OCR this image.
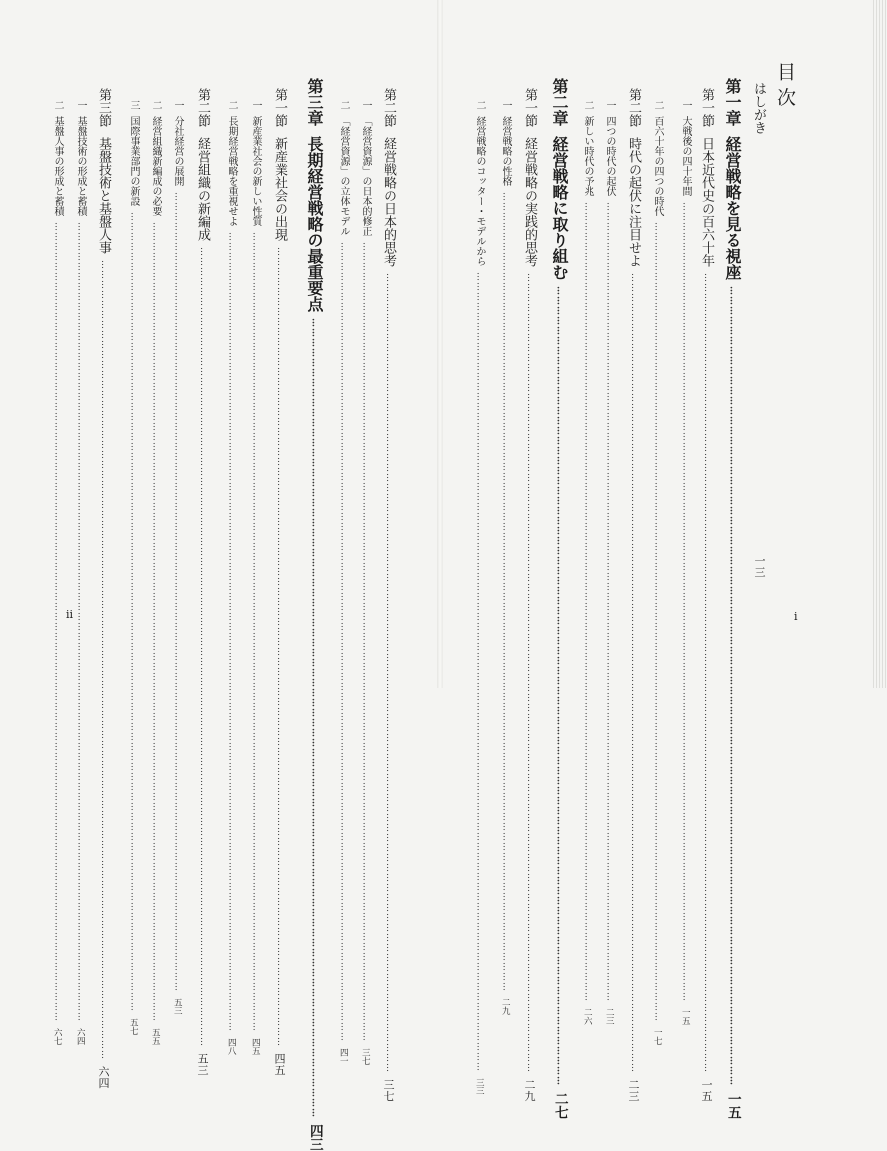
目 次
はしがき
一三
第一章
経営戦略を見る視座
……………………………………………………………………………………………………………………………………………………………………………………………………………………
一五
第一節
日本近代史の百六十年
……………………………………………………………………………………………………………………………………………………………………………………………………………………
一五
一
大戦後の四十年間
……………………………………………………………………………………………………………………………………………………………………………………………………………………
一五
二
百六十年の四つの時代
……………………………………………………………………………………………………………………………………………………………………………………………………………………
一七
第二節
時代の起伏に注目せよ
……………………………………………………………………………………………………………………………………………………………………………………………………………………
二三
一
四つの時代の起伏
……………………………………………………………………………………………………………………………………………………………………………………………………………………
二三
二
新しい時代の予兆
……………………………………………………………………………………………………………………………………………………………………………………………………………………
二六
第二章
経営戦略に取り組む
……………………………………………………………………………………………………………………………………………………………………………………………………………………
二七
第一節
経営戦略の実践的思考
……………………………………………………………………………………………………………………………………………………………………………………………………………………
二九
一
経営戦略の性格
……………………………………………………………………………………………………………………………………………………………………………………………………………………
二九
二
経営戦略のコッター・モデルから
……………………………………………………………………………………………………………………………………………………………………………………………………………………
三三
第二節
経営戦略の日本的思考
……………………………………………………………………………………………………………………………………………………………………………………………………………………
三七
一
「経営資源」の日本的修正
……………………………………………………………………………………………………………………………………………………………………………………………………………………
三七
二
「経営資源」の立体モデル
……………………………………………………………………………………………………………………………………………………………………………………………………………………
四一
第三章
長期経営戦略の最重要点
……………………………………………………………………………………………………………………………………………………………………………………………………………………
四三
第一節
新産業社会の出現
……………………………………………………………………………………………………………………………………………………………………………………………………………………
四五
一
新産業社会の新しい性質
……………………………………………………………………………………………………………………………………………………………………………………………………………………
四五
二
長期経営戦略を重視せよ
……………………………………………………………………………………………………………………………………………………………………………………………………………………
四八
第二節
経営組織の新編成
……………………………………………………………………………………………………………………………………………………………………………………………………………………
五三
一
分社経営の展開
……………………………………………………………………………………………………………………………………………………………………………………………………………………
五三
二
経営組織新編成の必要
……………………………………………………………………………………………………………………………………………………………………………………………………………………
五五
三
国際事業部門の新設
……………………………………………………………………………………………………………………………………………………………………………………………………………………
五七
第三節
基盤技術と基盤人事
……………………………………………………………………………………………………………………………………………………………………………………………………………………
六四
一
基盤技術の形成と蓄積
……………………………………………………………………………………………………………………………………………………………………………………………………………………
六四
二
基盤人事の形成と蓄積
……………………………………………………………………………………………………………………………………………………………………………………………………………………
六七
ii	i
